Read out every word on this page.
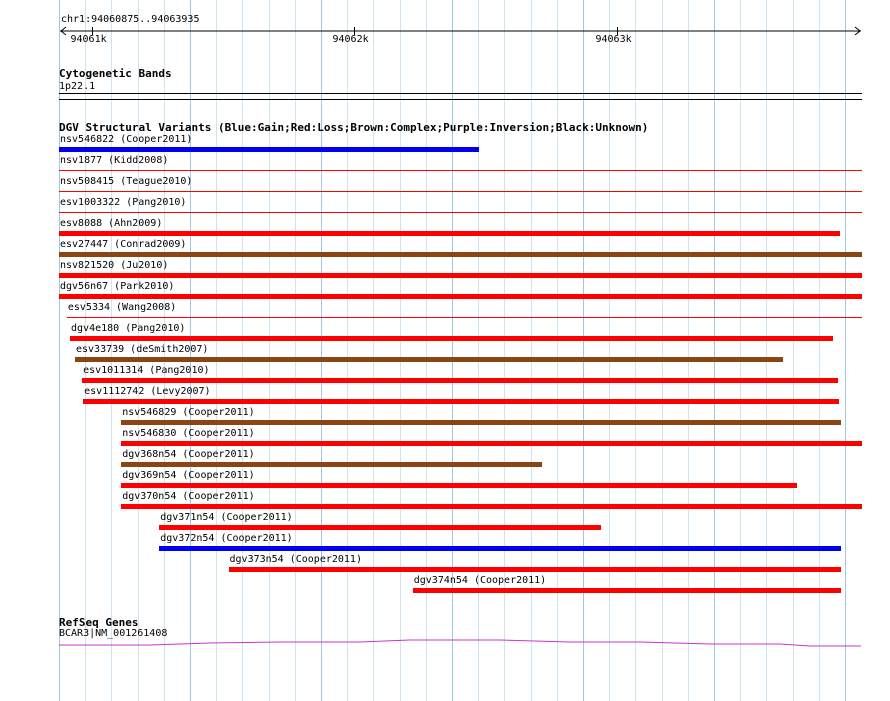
chr1:94060875..94063935
94061k	94062k	94063k
Cytogenetic Bands
1p22.1
DGV Structural Variants (Blue:Gain;Red:Loss;Brown:Complex;Purple:Inversion;Black:Unknown)
nsv546822 (Cooper2011)
nsv1877 (Kidd2008)
nsv508415 (Teague2010)
esv1003322 (Pang2010)
esv8088 (Ahn2009)
esv27447 (Conrad2009)
nsv821520 (Ju2010)
dgv56n67 (Park2010)
esv5334 (Wang2008)
dgv4e180 (Pang2010)
esv33739 (deSmith2007)
esv1011314 (Pang2010)
esv1112742 (Levy2007)
nsv546829 (Cooper2011)
nsv546830 (Cooper2011)
dgv368n54 (Cooper2011)
dgv369n54 (Cooper2011)
dgv370n54 (Cooper2011)
dgv371n54 (Cooper2011)
dgv372n54 (Cooper2011)
dgv373n54 (Cooper2011)
dgv374n54 (Cooper2011)
RefSeq Genes
BCAR3|NM_001261408
